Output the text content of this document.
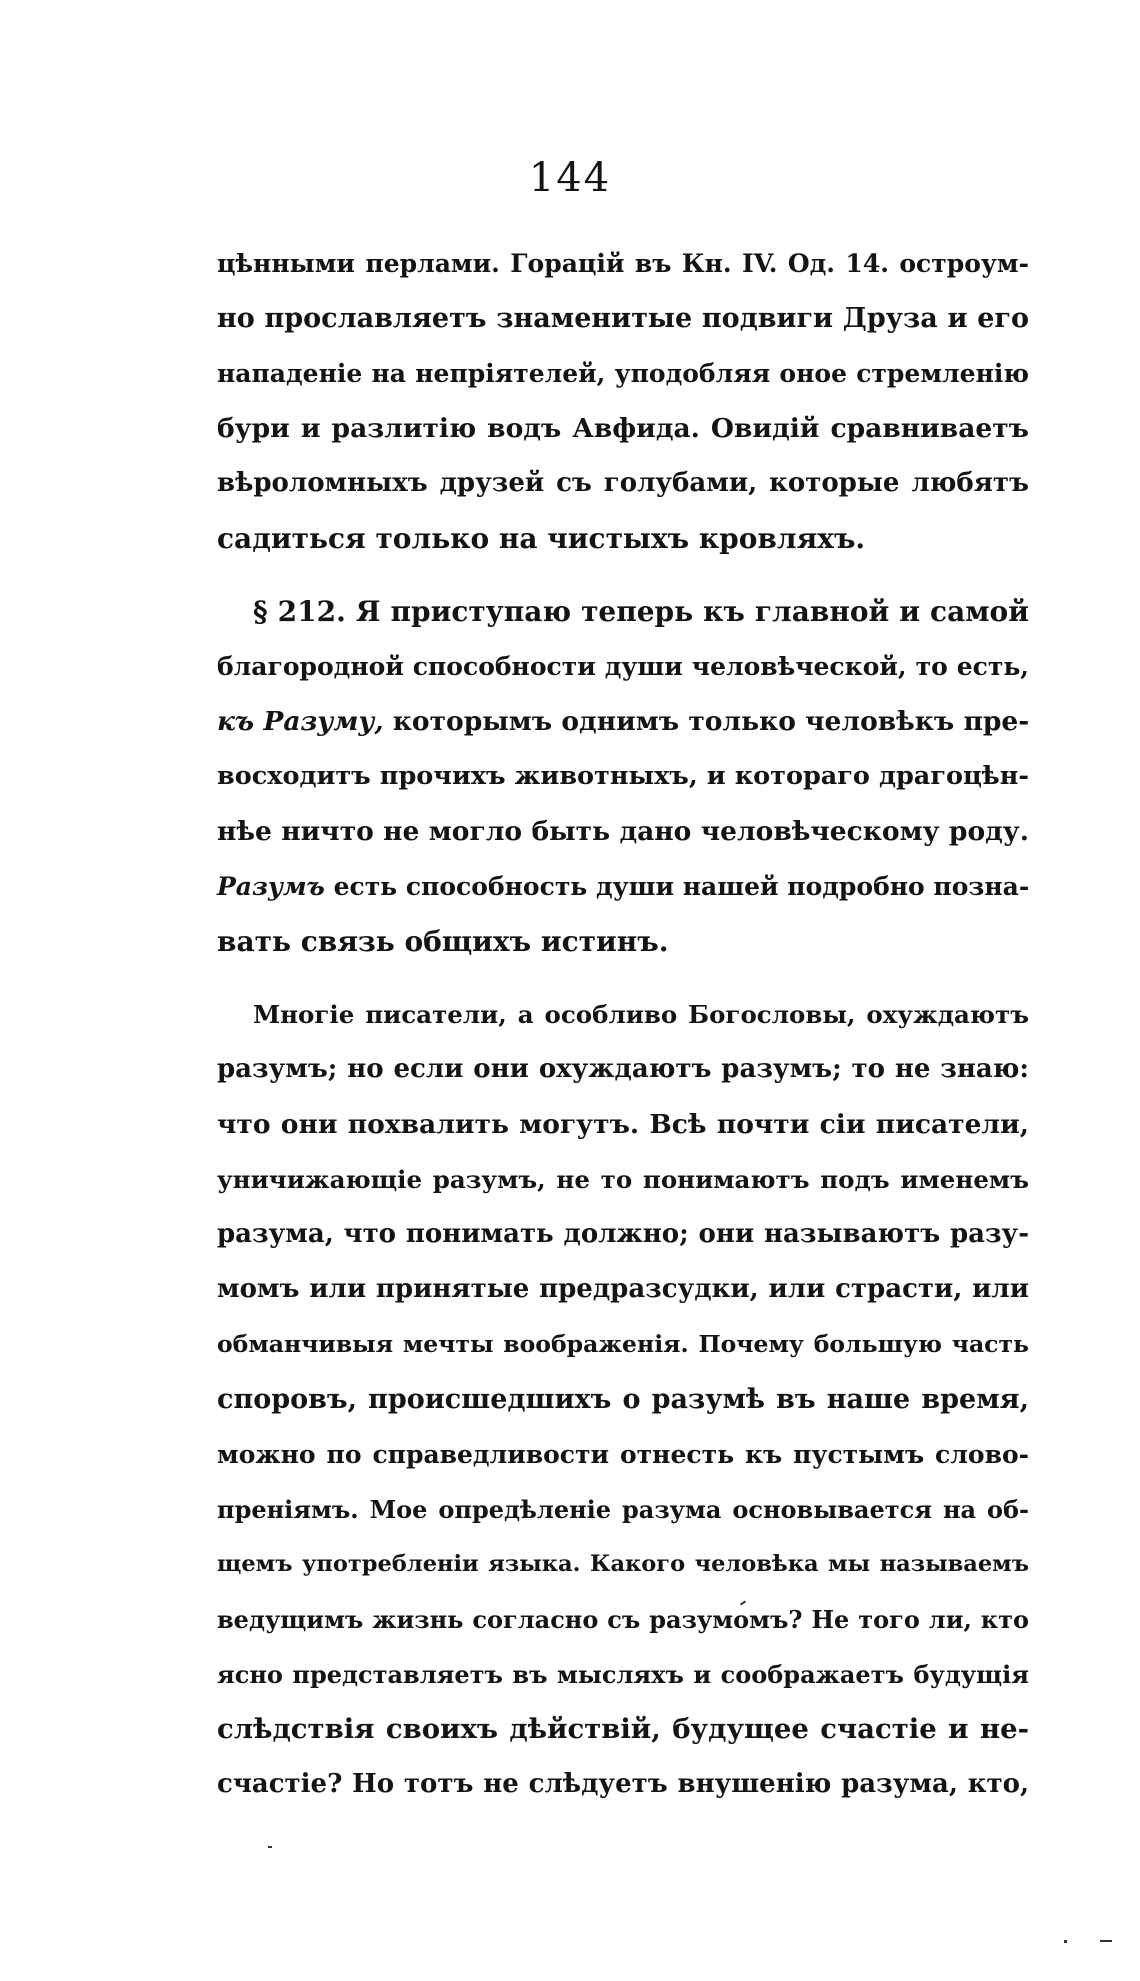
144
цѣнными перлами. Горацій въ Кн. IV. Од. 14. остроум-
но прославляетъ знаменитые подвиги Друза и его
нападеніе на непріятелей, уподобляя оное стремленію
бури и разлитію водъ Авфида. Овидій сравниваетъ
вѣроломныхъ друзей съ голубами, которые любятъ
садиться только на чистыхъ кровляхъ.
§ 212. Я приступаю теперь къ главной и самой
благородной способности души человѣческой, то есть,
къ Разуму, которымъ однимъ только человѣкъ пре-
восходитъ прочихъ животныхъ, и котораго драгоцѣн-
нѣе ничто не могло быть дано человѣческому роду.
Разумъ есть способность души нашей подробно позна-
вать связь общихъ истинъ.
Многіе писатели, а особливо Богословы, охуждаютъ
разумъ; но если они охуждаютъ разумъ; то не знаю:
что они похвалить могутъ. Всѣ почти сіи писатели,
уничижающіе разумъ, не то понимаютъ подъ именемъ
разума, что понимать должно; они называютъ разу-
момъ или принятые предразсудки, или страсти, или
обманчивыя мечты воображенія. Почему большую часть
споровъ, происшедшихъ о разумѣ въ наше время,
можно по справедливости отнесть къ пустымъ слово-
преніямъ. Мое опредѣленіе разума основывается на об-
щемъ употребленіи языка. Какого человѣка мы называемъ
ведущимъ жизнь согласно съ разумомъ? Не того ли, кто
ясно представляетъ въ мысляхъ и соображаетъ будущія
слѣдствія своихъ дѣйствій, будущее счастіе и не-
счастіе? Но тотъ не слѣдуетъ внушенію разума, кто,
